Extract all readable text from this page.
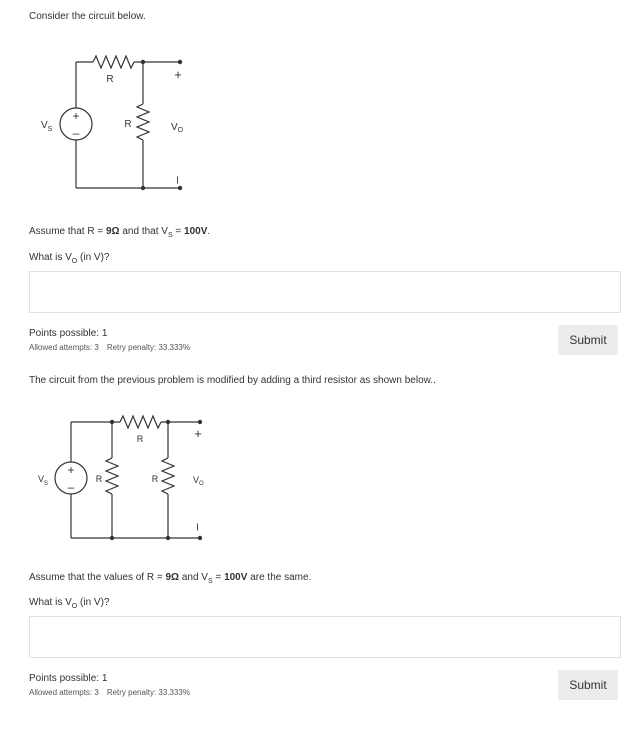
Consider the circuit below.
+
–
R
R
$V_S$	$V_O$
+
–
Assume that R = 9Ω and that $V_S = 100V$.
What is $V_O$ (in V)?
Points possible: 1
Allowed attempts: 3 Retry penalty: 33.333%
Submit
The circuit from the previous problem is modified by adding a third resistor as shown below..
+
–
R
R	R
$V_S$	$V_O$
+
–
Assume that the values of R = 9Ω and $V_S = 100V$ are the same.
What is $V_O$ (in V)?
Points possible: 1
Allowed attempts: 3 Retry penalty: 33.333%
Submit
